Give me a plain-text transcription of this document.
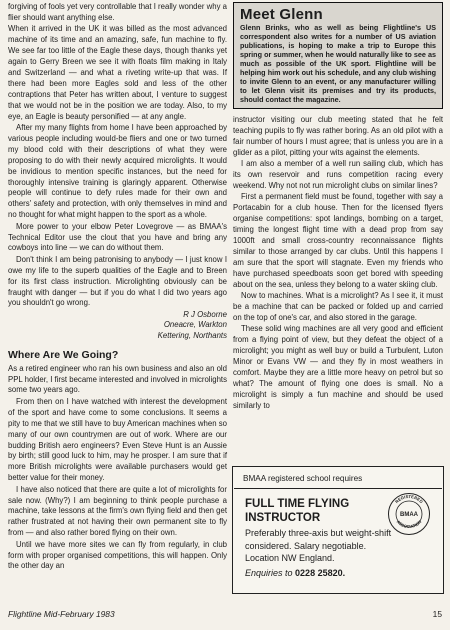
forgiving of fools yet very controllable that I really wonder why a flier should want anything else.

When it arrived in the UK it was billed as the most advanced machine of its time and an amazing, safe, fun machine to fly. We see far too little of the Eagle these days, though thanks yet again to Gerry Breen we see it with floats film making in Italy and Switzerland — and what a riveting write-up that was. If there had been more Eagles sold and less of the other contraptions that Peter has written about, I venture to suggest that we would not be in the position we are today. Also, to my eye, an Eagle is beauty personified — at any angle.

After my many flights from home I have been approached by various people including would-be fliers and one or two turned my blood cold with their descriptions of what they were proposing to do with their newly acquired microlights. It would be invidious to mention specific instances, but the need for thoroughly intensive training is glaringly apparent. Otherwise people will continue to defy rules made for their own and others' safety and protection, with only themselves in mind and no thought for what might happen to the sport as a whole.

More power to your elbow Peter Lovegrove — as BMAA's Technical Editor use the clout that you have and bring any cowboys into line — we can do without them.

Don't think I am being patronising to anybody — I just know I owe my life to the superb qualities of the Eagle and to Breen for its first class instruction. Microlighting obviously can be fraught with danger — but if you do what I did two years ago you shouldn't go wrong.

R J Osborne
Oneacre, Warkton
Kettering, Northants
Where Are We Going?

As a retired engineer who ran his own business and also an old PPL holder, I first became interested and involved in microlights some two years ago.

From then on I have watched with interest the development of the sport and have come to some conclusions. It seems a pity to me that we still have to buy American machines when so many of our own countrymen are out of work. Where are our budding British aero engineers? Even Steve Hunt is an Aussie by birth; still good luck to him, may he prosper. I am sure that if more British microlights were available purchasers would get better value for their money.

I have also noticed that there are quite a lot of microlights for sale now. (Why?) I am beginning to think people purchase a machine, take lessons at the firm's own flying field and then get rather frustrated at not having their own permanent site to fly from — and also rather bored flying on their own.

Until we have more sites we can fly from regularly, in club form with proper organised competitions, this will happen. Only the other day an

Meet Glenn
Glenn Brinks, who as well as being Flightline's US correspondent also writes for a number of US aviation publications, is hoping to make a trip to Europe this spring or summer, when he would naturally like to see as much as possible of the UK sport. Flightline will be helping him work out his schedule, and any club wishing to invite Glenn to an event, or any manufacturer willing to let Glenn visit its premises and try its products, should contact the magazine.

instructor visiting our club meeting stated that he felt teaching pupils to fly was rather boring. As an old pilot with a fair number of hours I must agree; that is unless you are in a glider as a pilot, pitting your wits against the elements.

I am also a member of a well run sailing club, which has its own reservoir and runs competition racing every weekend. Why not not run microlight clubs on similar lines?

First a permanent field must be found, together with say a Portacabin for a club house. Then for the licensed flyers organise competitions: spot landings, bombing on a target, timing the longest flight time with a dead prop from say 1000ft and small cross-country reconnaissance flights similar to those arranged by car clubs. Until this happens I am sure that the sport will stagnate. Even my friends who have purchased speedboats soon get bored with speeding about on the sea, unless they belong to a water skiing club.

Now to machines. What is a microlight? As I see it, it must be a machine that can be packed or folded up and carried on the top of one's car, and also stored in the garage.

These solid wing machines are all very good and efficient from a flying point of view, but they defeat the object of a microlight; you might as well buy or build a Turbulent, Luton Minor or Evans VW — and they fly in most weathers in comfort. Maybe they are a little more heavy on petrol but so what? The amount of flying one does is small. No a microlight is simply a fun machine and should be used similarly to

BMAA registered school requires
FULL TIME FLYING
INSTRUCTOR
REGISTERED
ASSOCIATION
BMAA
Preferably three-axis but weight-shift
considered. Salary negotiable.
Location NW England.
Enquiries to 0228 25820.
Flightline Mid-February 1983	15
